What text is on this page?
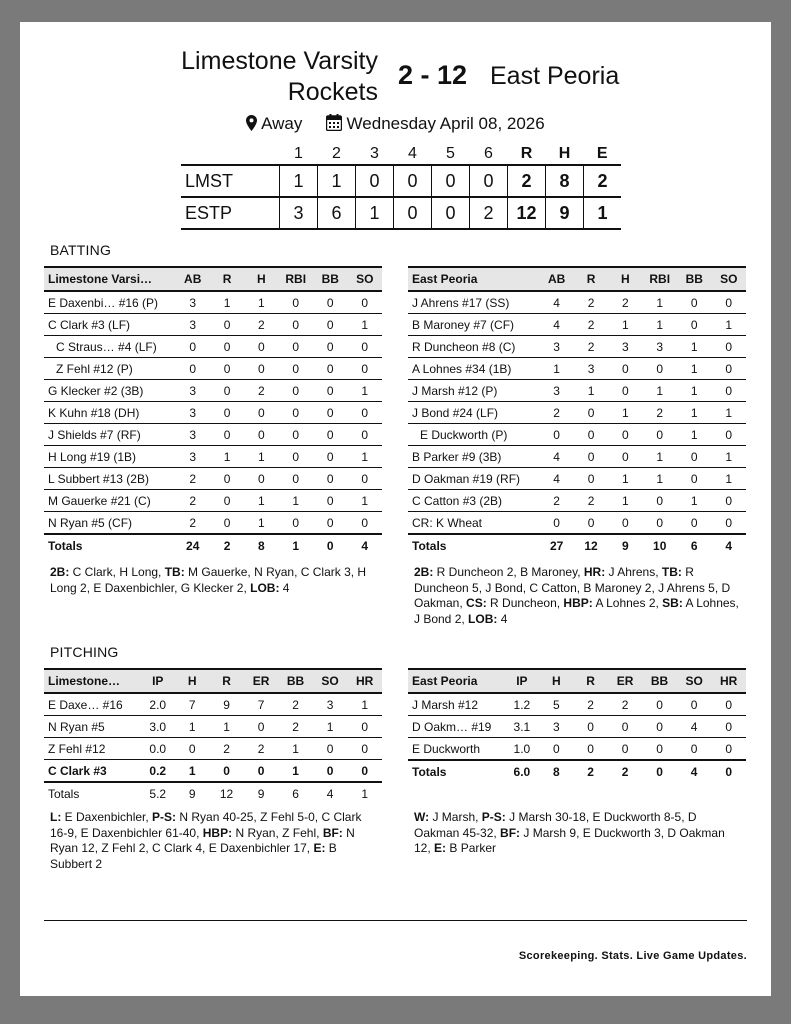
Limestone Varsity
Rockets
2 - 12 East Peoria
Away	Wednesday April 08, 2026
	1	2	3	4	5	6	R	H	E
LMST	1	1	0	0	0	0	2	8	2
ESTP	3	6	1	0	0	2	12	9	1
BATTING
Limestone Varsi…	AB	R	H	RBI	BB	SO
E Daxenbi… #16 (P)	3	1	1	0	0	0
C Clark #3 (LF)	3	0	2	0	0	1
C Straus… #4 (LF)	0	0	0	0	0	0
Z Fehl #12 (P)	0	0	0	0	0	0
G Klecker #2 (3B)	3	0	2	0	0	1
K Kuhn #18 (DH)	3	0	0	0	0	0
J Shields #7 (RF)	3	0	0	0	0	0
H Long #19 (1B)	3	1	1	0	0	1
L Subbert #13 (2B)	2	0	0	0	0	0
M Gauerke #21 (C)	2	0	1	1	0	1
N Ryan #5 (CF)	2	0	1	0	0	0
Totals	24	2	8	1	0	4
East Peoria	AB	R	H	RBI	BB	SO
J Ahrens #17 (SS)	4	2	2	1	0	0
B Maroney #7 (CF)	4	2	1	1	0	1
R Duncheon #8 (C)	3	2	3	3	1	0
A Lohnes #34 (1B)	1	3	0	0	1	0
J Marsh #12 (P)	3	1	0	1	1	0
J Bond #24 (LF)	2	0	1	2	1	1
E Duckworth (P)	0	0	0	0	1	0
B Parker #9 (3B)	4	0	0	1	0	1
D Oakman #19 (RF)	4	0	1	1	0	1
C Catton #3 (2B)	2	2	1	0	1	0
CR: K Wheat	0	0	0	0	0	0
Totals	27	12	9	10	6	4
2B: C Clark, H Long, TB: M Gauerke, N Ryan, C Clark 3, H Long 2, E Daxenbichler, G Klecker 2, LOB: 4
2B: R Duncheon 2, B Maroney, HR: J Ahrens, TB: R Duncheon 5, J Bond, C Catton, B Maroney 2, J Ahrens 5, D Oakman, CS: R Duncheon, HBP: A Lohnes 2, SB: A Lohnes, J Bond 2, LOB: 4
PITCHING
Limestone…	IP	H	R	ER	BB	SO	HR
E Daxe… #16	2.0	7	9	7	2	3	1
N Ryan #5	3.0	1	1	0	2	1	0
Z Fehl #12	0.0	0	2	2	1	0	0
C Clark #3	0.2	1	0	0	1	0	0
Totals	5.2	9	12	9	6	4	1
East Peoria	IP	H	R	ER	BB	SO	HR
J Marsh #12	1.2	5	2	2	0	0	0
D Oakm… #19	3.1	3	0	0	0	4	0
E Duckworth	1.0	0	0	0	0	0	0
Totals	6.0	8	2	2	0	4	0
L: E Daxenbichler, P-S: N Ryan 40-25, Z Fehl 5-0, C Clark 16-9, E Daxenbichler 61-40, HBP: N Ryan, Z Fehl, BF: N Ryan 12, Z Fehl 2, C Clark 4, E Daxenbichler 17, E: B Subbert 2
W: J Marsh, P-S: J Marsh 30-18, E Duckworth 8-5, D Oakman 45-32, BF: J Marsh 9, E Duckworth 3, D Oakman 12, E: B Parker
Scorekeeping. Stats. Live Game Updates.
